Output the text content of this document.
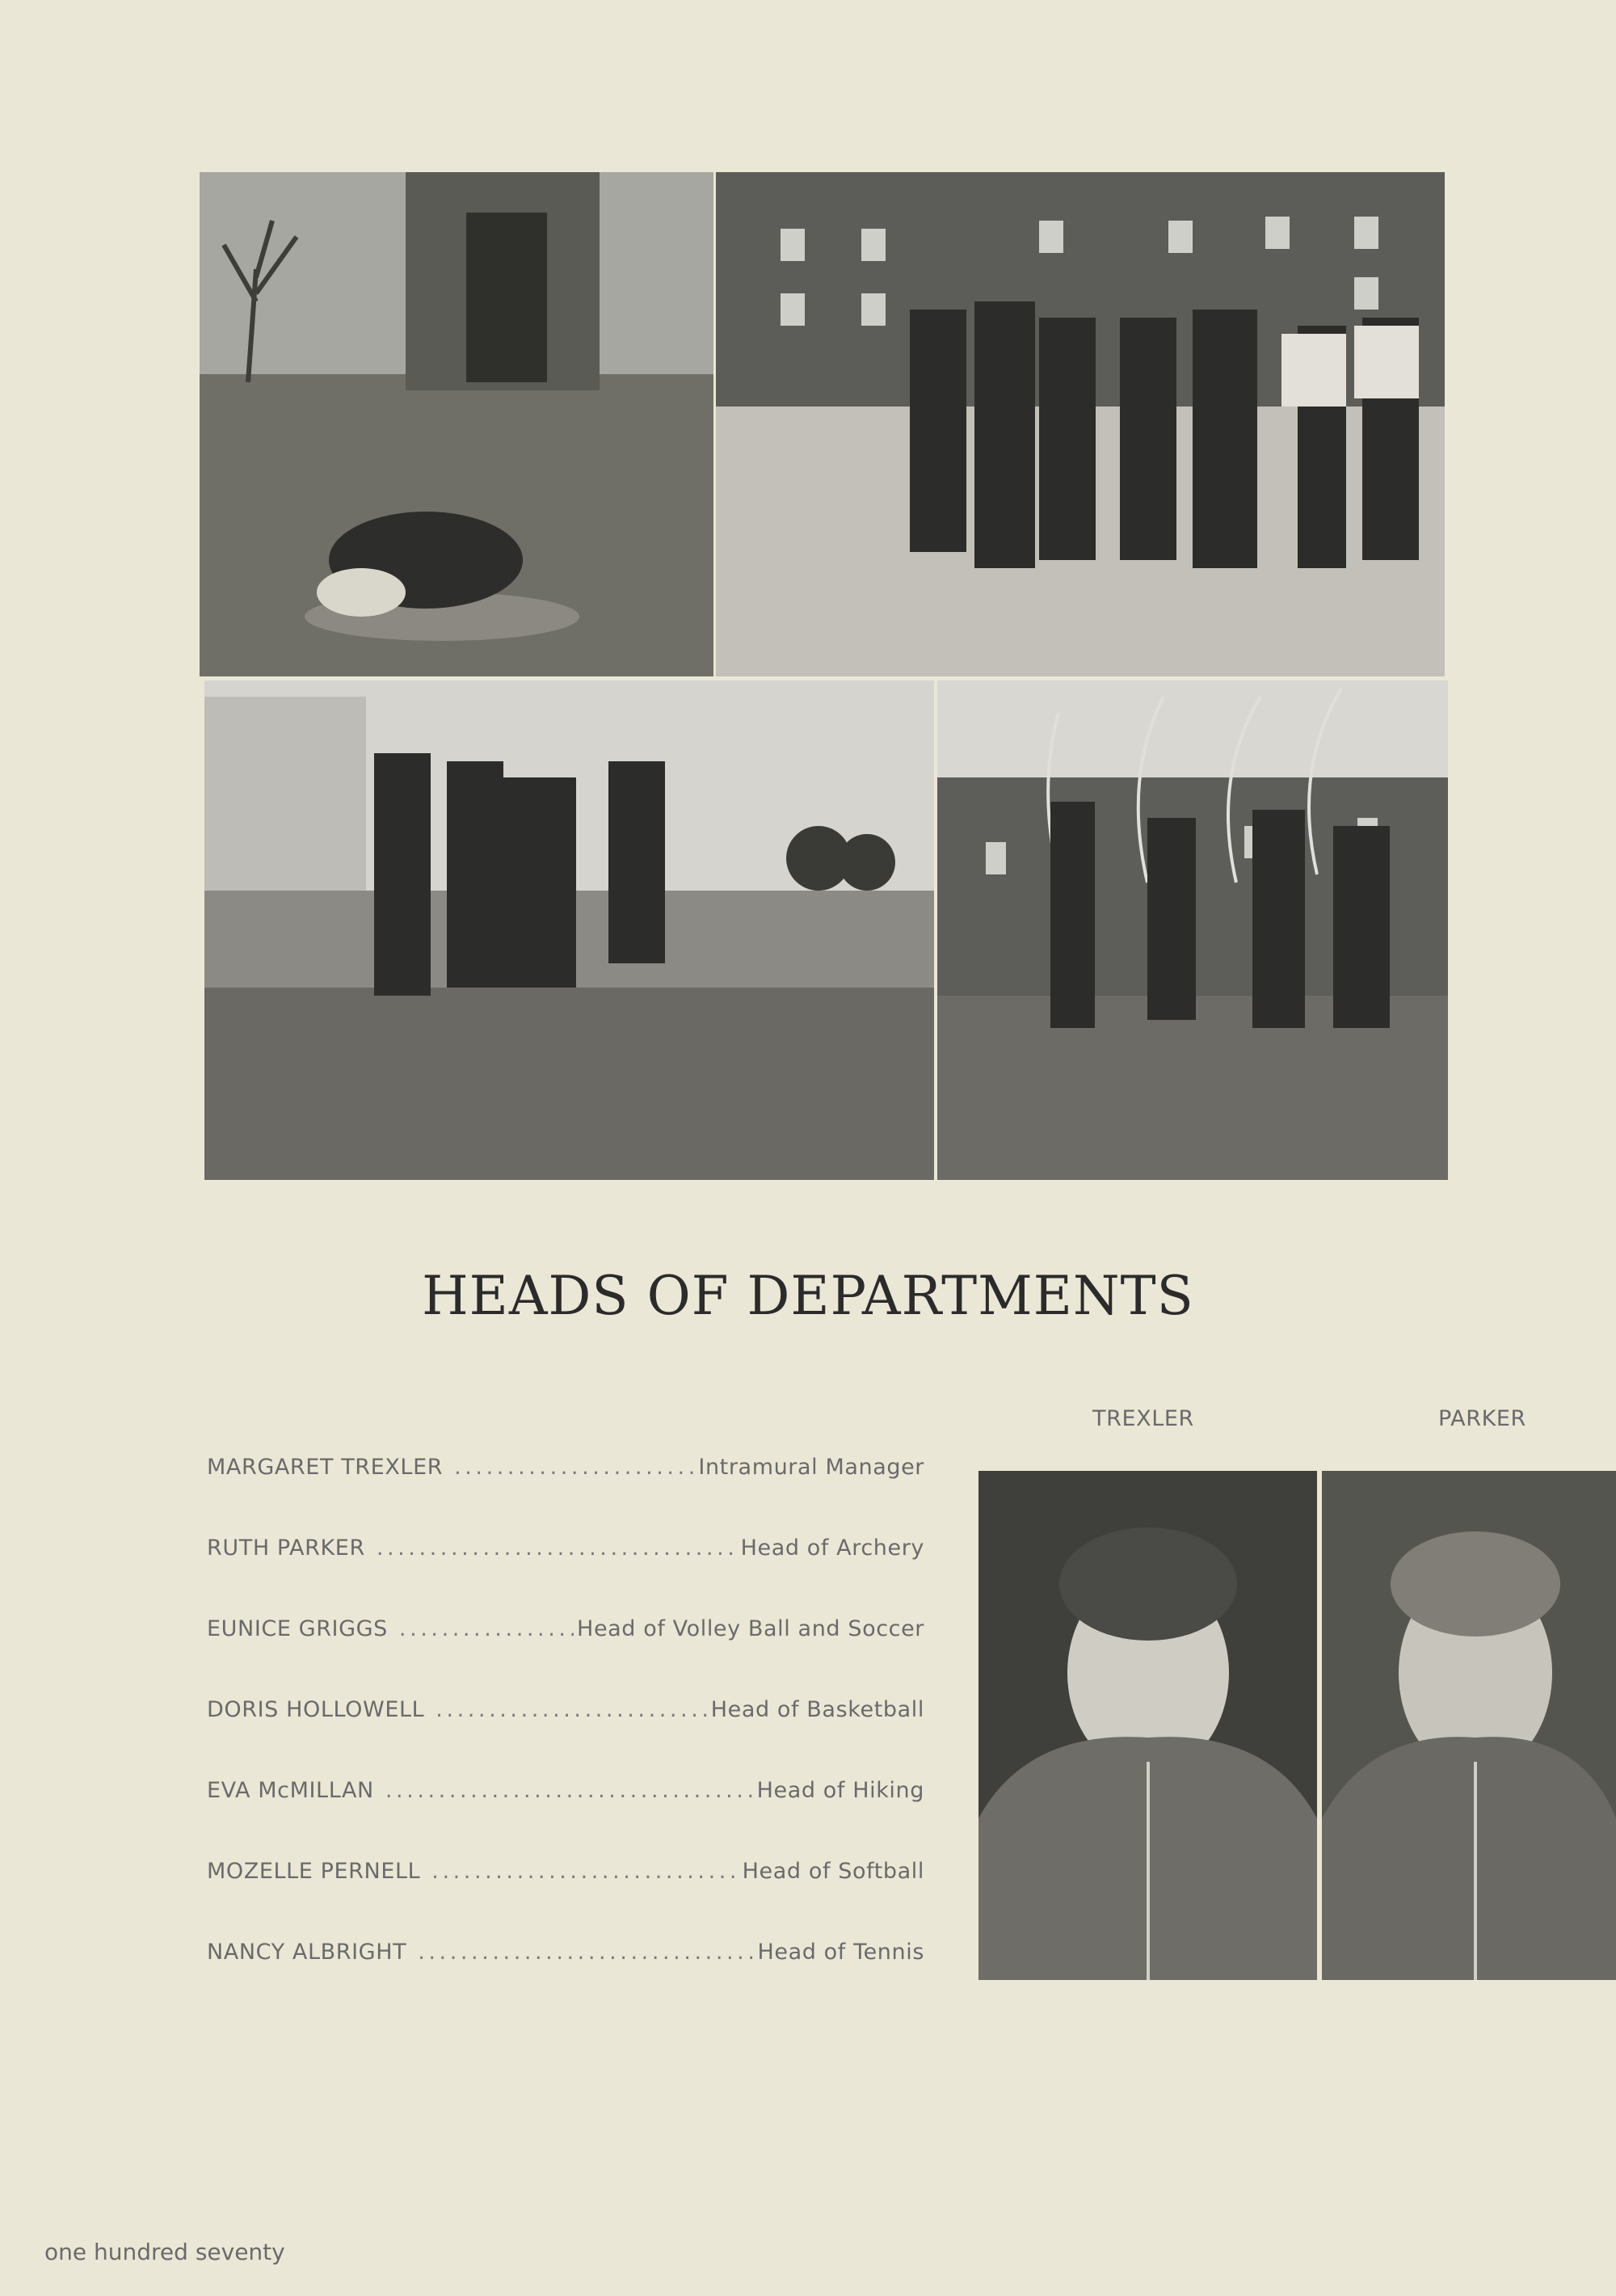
HEADS OF DEPARTMENTS
MARGARET TREXLER . . .	Intramural Manager
RUTH PARKER . . .	Head of Archery
EUNICE GRIGGS . . .	Head of Volley Ball and Soccer
DORIS HOLLOWELL . . .	Head of Basketball
EVA McMILLAN . . .	Head of Hiking
MOZELLE PERNELL . . .	Head of Softball
NANCY ALBRIGHT . . .	Head of Tennis
TREXLER	PARKER
one hundred seventy
